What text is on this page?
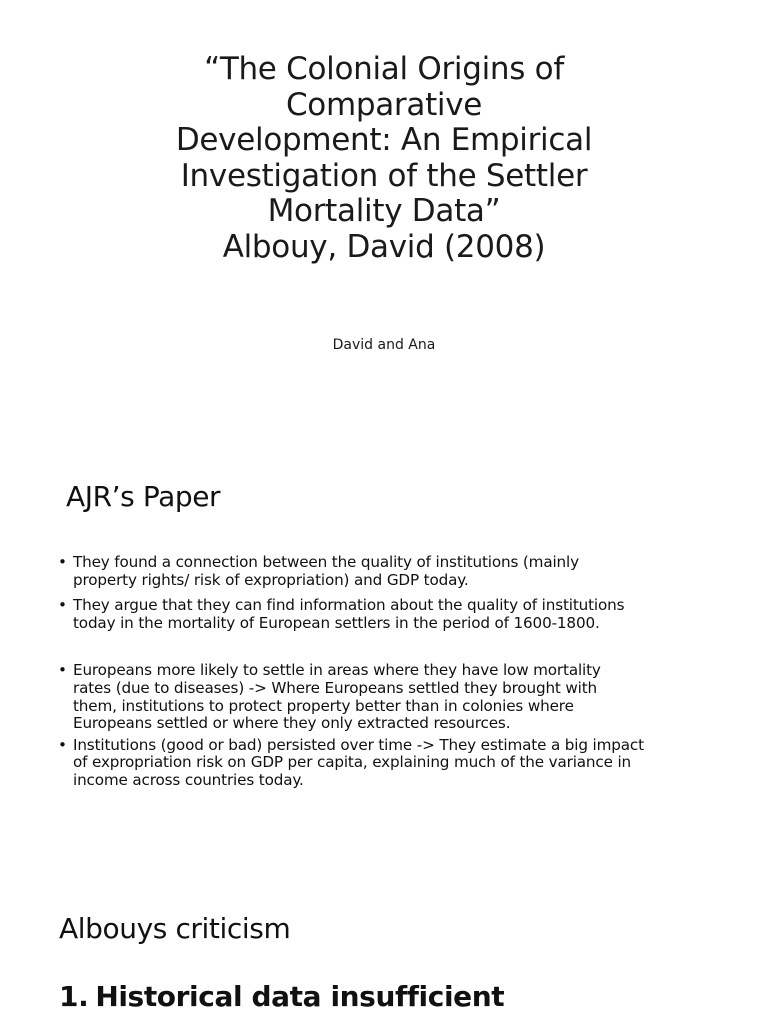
“The Colonial Origins of
Comparative
Development: An Empirical
Investigation of the Settler
Mortality Data”
Albouy, David (2008)
David and Ana
AJR’s Paper
• They found a connection between the quality of institutions (mainly
property rights/ risk of expropriation) and GDP today.
• They argue that they can find information about the quality of institutions
today in the mortality of European settlers in the period of 1600-1800.
• Europeans more likely to settle in areas where they have low mortality
rates (due to diseases) -> Where Europeans settled they brought with
them, institutions to protect property better than in colonies where
Europeans settled or where they only extracted resources.
• Institutions (good or bad) persisted over time -> They estimate a big impact
of expropriation risk on GDP per capita, explaining much of the variance in
income across countries today.
Albouys criticism
1. Historical data insufficient
